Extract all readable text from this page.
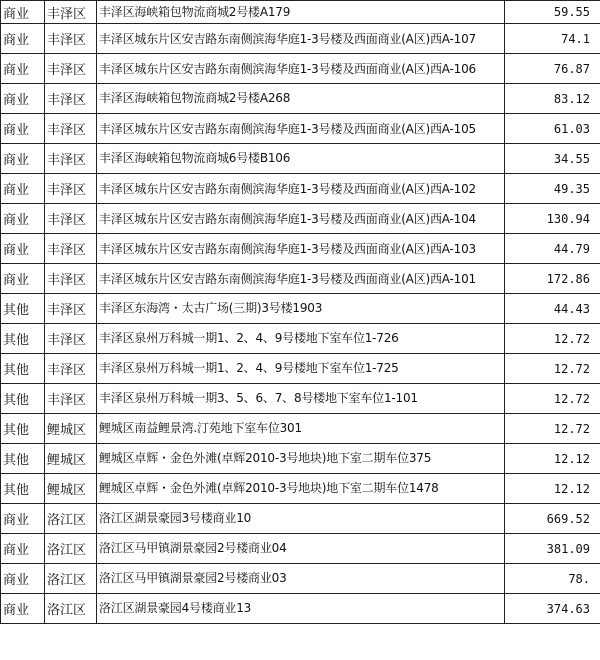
商业	丰泽区	丰泽区海峡箱包物流商城2号楼A179	59.55
商业	丰泽区	丰泽区城东片区安吉路东南侧滨海华庭1-3号楼及西面商业(A区)西A-107	74.1
商业	丰泽区	丰泽区城东片区安吉路东南侧滨海华庭1-3号楼及西面商业(A区)西A-106	76.87
商业	丰泽区	丰泽区海峡箱包物流商城2号楼A268	83.12
商业	丰泽区	丰泽区城东片区安吉路东南侧滨海华庭1-3号楼及西面商业(A区)西A-105	61.03
商业	丰泽区	丰泽区海峡箱包物流商城6号楼B106	34.55
商业	丰泽区	丰泽区城东片区安吉路东南侧滨海华庭1-3号楼及西面商业(A区)西A-102	49.35
商业	丰泽区	丰泽区城东片区安吉路东南侧滨海华庭1-3号楼及西面商业(A区)西A-104	130.94
商业	丰泽区	丰泽区城东片区安吉路东南侧滨海华庭1-3号楼及西面商业(A区)西A-103	44.79
商业	丰泽区	丰泽区城东片区安吉路东南侧滨海华庭1-3号楼及西面商业(A区)西A-101	172.86
其他	丰泽区	丰泽区东海湾・太古广场(三期)3号楼1903	44.43
其他	丰泽区	丰泽区泉州万科城一期1、2、4、9号楼地下室车位1-726	12.72
其他	丰泽区	丰泽区泉州万科城一期1、2、4、9号楼地下室车位1-725	12.72
其他	丰泽区	丰泽区泉州万科城一期3、5、6、7、8号楼地下室车位1-101	12.72
其他	鲤城区	鲤城区南益鲤景湾.汀苑地下室车位301	12.72
其他	鲤城区	鲤城区卓辉・金色外滩(卓辉2010-3号地块)地下室二期车位375	12.12
其他	鲤城区	鲤城区卓辉・金色外滩(卓辉2010-3号地块)地下室二期车位1478	12.12
商业	洛江区	洛江区湖景豪园3号楼商业10	669.52
商业	洛江区	洛江区马甲镇湖景豪园2号楼商业04	381.09
商业	洛江区	洛江区马甲镇湖景豪园2号楼商业03	78.
商业	洛江区	洛江区湖景豪园4号楼商业13	374.63
